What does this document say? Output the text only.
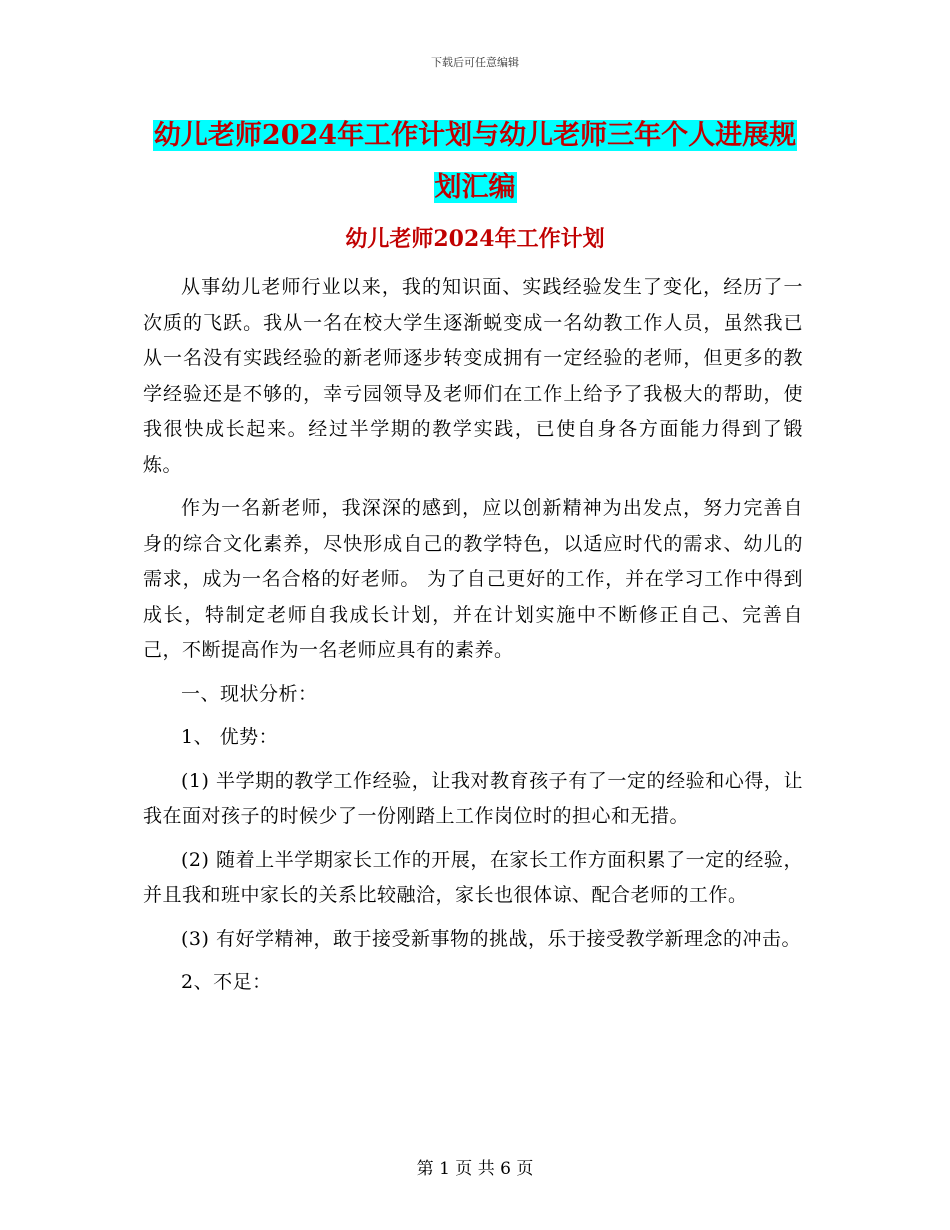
下载后可任意编辑
幼儿老师2024年工作计划与幼儿老师三年个人进展规
划汇编
幼儿老师2024年工作计划

从事幼儿老师行业以来，我的知识面、实践经验发生了变化，经历了一次质的飞跃。我从一名在校大学生逐渐蜕变成一名幼教工作人员，虽然我已从一名没有实践经验的新老师逐步转变成拥有一定经验的老师，但更多的教学经验还是不够的，幸亏园领导及老师们在工作上给予了我极大的帮助，使我很快成长起来。经过半学期的教学实践，已使自身各方面能力得到了锻炼。

作为一名新老师，我深深的感到，应以创新精神为出发点，努力完善自身的综合文化素养，尽快形成自己的教学特色，以适应时代的需求、幼儿的需求，成为一名合格的好老师。 为了自己更好的工作，并在学习工作中得到成长，特制定老师自我成长计划，并在计划实施中不断修正自己、完善自己，不断提高作为一名老师应具有的素养。

一、现状分析：

1、 优势：

(1) 半学期的教学工作经验，让我对教育孩子有了一定的经验和心得，让我在面对孩子的时候少了一份刚踏上工作岗位时的担心和无措。

(2) 随着上半学期家长工作的开展，在家长工作方面积累了一定的经验，并且我和班中家长的关系比较融洽，家长也很体谅、配合老师的工作。

(3) 有好学精神，敢于接受新事物的挑战，乐于接受教学新理念的冲击。

2、不足：

第 1 页 共 6 页
